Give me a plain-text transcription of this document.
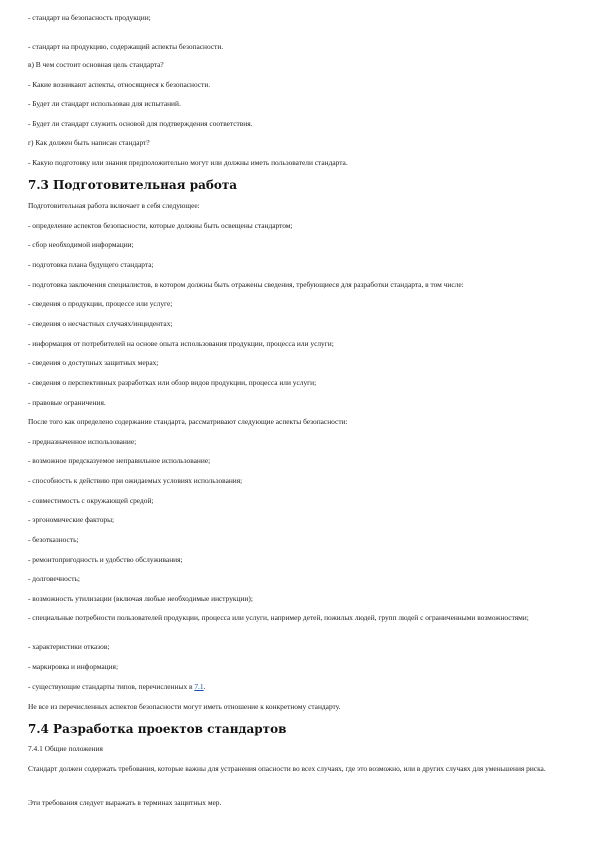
- стандарт на безопасность продукции;
- стандарт на продукцию, содержащий аспекты безопасности.
в) В чем состоит основная цель стандарта?
- Какие возникают аспекты, относящиеся к безопасности.
- Будет ли стандарт использован для испытаний.
- Будет ли стандарт служить основой для подтверждения соответствия.
г) Как должен быть написан стандарт?
- Какую подготовку или знания предположительно могут или должны иметь пользователи стандарта.
7.3 Подготовительная работа
Подготовительная работа включает в себя следующее:
- определение аспектов безопасности, которые должны быть освещены стандартом;
- сбор необходимой информации;
- подготовка плана будущего стандарта;
- подготовка заключения специалистов, в котором должны быть отражены сведения, требующиеся для разработки стандарта, в том числе:
- сведения о продукции, процессе или услуге;
- сведения о несчастных случаях/инцидентах;
- информация от потребителей на основе опыта использования продукции, процесса или услуги;
- сведения о доступных защитных мерах;
- сведения о перспективных разработках или обзор видов продукции, процесса или услуги;
- правовые ограничения.
После того как определено содержание стандарта, рассматривают следующие аспекты безопасности:
- предназначенное использование;
- возможное предсказуемое неправильное использование;
- способность к действию при ожидаемых условиях использования;
- совместимость с окружающей средой;
- эргономические факторы;
- безотказность;
- ремонтопригодность и удобство обслуживания;
- долговечность;
- возможность утилизации (включая любые необходимые инструкции);
- специальные потребности пользователей продукции, процесса или услуги, например детей, пожилых людей, групп людей с ограниченными возможностями;
- характеристики отказов;
- маркировка и информация;
- существующие стандарты типов, перечисленных в 7.1.
Не все из перечисленных аспектов безопасности могут иметь отношение к конкретному стандарту.
7.4 Разработка проектов стандартов
7.4.1 Общие положения
Стандарт должен содержать требования, которые важны для устранения опасности во всех случаях, где это возможно, или в других случаях для уменьшения риска.
Эти требования следует выражать в терминах защитных мер.
